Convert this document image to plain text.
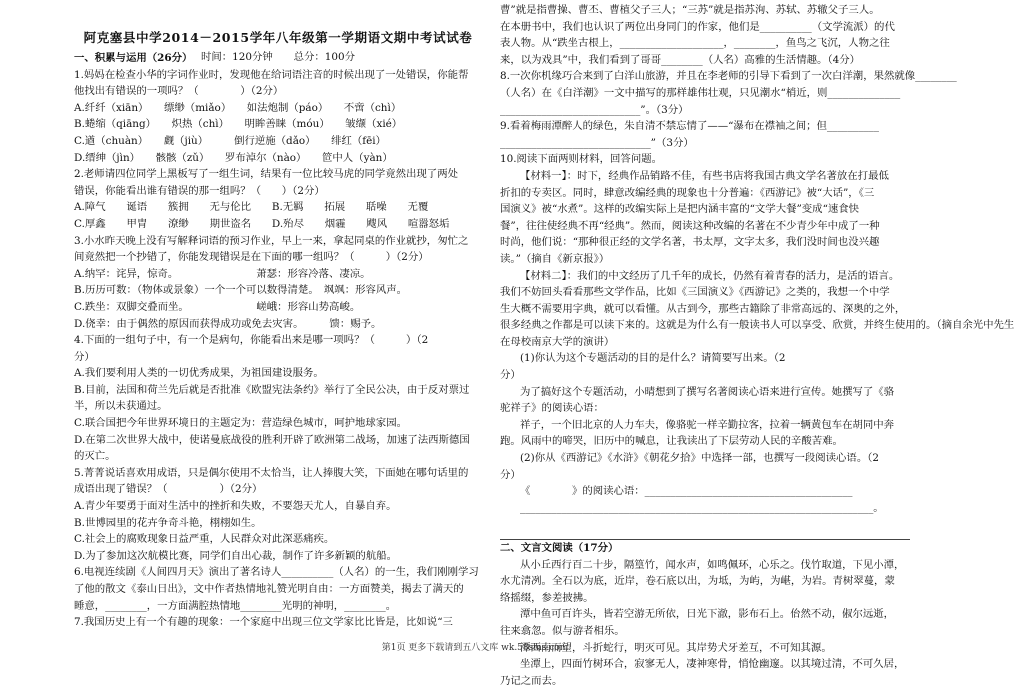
阿克塞县中学2014－2015学年八年级第一学期语文期中考试试卷
时间：120分钟　　总分：100分
一、积累与运用（26分）
1.妈妈在检查小华的字词作业时，发现他在给词语注音的时候出现了一处错误，你能帮
他找出有错误的一项吗？（　　　　）（2分）
A.纤纤（xiān）　　缥缈（miǎo）　　如法炮制（páo）　　不啻（chì）
B.蜷缩（qiāng）　　炽热（chì）　　明眸善睐（móu）　　皱缬（xié）
C.遒（chuàn）　　觑（jiù）　　　倒行逆施（dǎo）　　绯红（fēi）
D.缙绅（jìn）　　骸骸（zǔ）　　罗布淖尔（nào）　　笸中人（yàn）
2.老师请四位同学上黑板写了一组生词，结果有一位比较马虎的同学竟然出现了两处
错误，你能看出谁有错误的那一组吗？（　　）（2分）
A.障气　　诞语　　簇拥　　无与伦比　　B.无羁　　拓展　　聒噪　　无覆
C.厚鑫　　甲胄　　潦缈　　期世盗名　　D.殆尽　　烟霾　　飕风　　喧嚣怒垢
3.小水昨天晚上没有写解释词语的预习作业，早上一来，拿起同桌的作业就抄，匆忙之
间竟然把一个抄错了，你能发现错误是在下面的哪一组吗？（　　　）（2分）
A.纳罕：诧异，惊奇。　　　　　　　　萧瑟：形容冷落、凄凉。
B.历历可数：（物体或景象）一个一个可以数得清楚。　飒飒：形容风声。
C.跌坐：双脚交叠而坐。　　　　　　　嵯峨：形容山势高峻。
D.侥幸：由于偶然的原因而获得成功或免去灾害。　　　馈：赐予。
4.下面的一组句子中，有一个是病句，你能看出来是哪一项吗？（　　　）（2
分）
A.我们要利用人类的一切优秀成果，为祖国建设服务。
B.目前，法国和荷兰先后就是否批准《欧盟宪法条约》举行了全民公决，由于反对票过
半，所以未获通过。
C.联合国把今年世界环境日的主题定为：营造绿色城市，呵护地球家园。
D.在第二次世界大战中，使诺曼底战役的胜利开辟了欧洲第二战场，加速了法西斯德国
的灭亡。
5.菁菁说话喜欢用成语，只是偶尔使用不太恰当，让人捧腹大笑，下面她在哪句话里的
成语出现了错误？（　　　　　）（2分）
A.青少年要勇于面对生活中的挫折和失败，不要怨天尤人，自暴自弃。
B.世博园里的花卉争奇斗艳，栩栩如生。
C.社会上的腐败现象日益严重，人民群众对此深恶痛疾。
D.为了参加这次航模比赛，同学们自出心裁，制作了许多新颖的航船。
6.电视连续剧《人间四月天》演出了著名诗人__________（人名）的一生，我们刚刚学习
了他的散文《泰山日出》，文中作者热情地礼赞光明自由：一方面赞美，揭去了满天的
睡意，________，一方面满腔热情地________光明的神明，________。
7.我国历史上有一个有趣的现象：一个家庭中出现三位文学家比比皆是，比如说“三
曹”就是指曹操、曹丕、曹植父子三人；“三苏”就是指苏洵、苏轼、苏辙父子三人。
在本册书中，我们也认识了两位出身同门的作家，他们是__________（文学流派）的代
表人物。从“跌坐古根上，____________________，________，鱼鸟之飞沉，人物之往
来，以为戏具”中，我们看到了哥哥________（人名）高雅的生活情趣。（4分）
8.一次你机缘巧合来到了白洋山旅游，并且在李老师的引导下看到了一次白洋潮，果然就像________
（人名）在《白洋潮》一文中描写的那样雄伟壮观，只见潮水“梢近，则______________
___________________________”。（3分）
9.看着梅雨潭醉人的绿色，朱自清不禁忘情了——“瀑布在襟袖之间；但__________
_____________________________”（3分）
10.阅读下面两则材料，回答问题。
【材料一】：时下，经典作品销路不佳，有些书店将我国古典文学名著放在打最低
折扣的专卖区。同时，肆意改编经典的现象也十分普遍：《西游记》被“大话”，《三
国演义》被“水煮”。这样的改编实际上是把内涵丰富的“文学大餐”变成“速食快
餐”，往往使经典不再“经典”。然而，阅读这种改编的名著在不少青少年中成了一种
时尚，他们说：“那种很正经的文学名著，书太厚，文字太多，我们没时间也没兴趣
读。”（摘自《新京报》）
【材料二】：我们的中文经历了几千年的成长，仍然有着青春的活力，是活的语言。
我们不妨回头看看那些文学作品，比如《三国演义》《西游记》之类的，我想一个中学
生大概不需要用字典，就可以看懂。从古到今，那些古籍除了非常高远的、深奥的之外，
很多经典之作都是可以读下来的。这就是为什么有一般读书人可以享受、欣赏，并终生使用的。（摘自余光中先生
在母校南京大学的演讲）
(1)你认为这个专题活动的目的是什么？请简要写出来。（2
分）
为了搞好这个专题活动，小晴想到了撰写名著阅读心语来进行宣传。她撰写了《骆
驼祥子》的阅读心语：
祥子，一个旧北京的人力车夫，像骆驼一样辛勤拉客，拉着一辆黄包车在胡同中奔
跑。风雨中的啼哭，旧历中的喊息，让我读出了下层劳动人民的辛酸苦难。
(2)你从《西游记》《水浒》《朝花夕拾》中选择一部，也撰写一段阅读心语。（2
分）
《　　　　》的阅读心语：________________________________________
____________________________________________________________________。
二、文言文阅读（17分）
从小丘西行百二十步，隔篁竹，闻水声，如鸣佩环，心乐之。伐竹取道，下见小潭，
水尤清冽。全石以为底，近岸，卷石底以出，为坻，为屿，为嵁，为岩。青树翠蔓，蒙
络摇缀，参差披拂。
潭中鱼可百许头，皆若空游无所依，日光下澈，影布石上。佁然不动，俶尔远逝，
往来翕忽。似与游者相乐。
潭西南而望，斗折蛇行，明灭可见。其岸势犬牙差互，不可知其源。
坐潭上，四面竹树环合，寂寥无人，凄神寒骨，悄怆幽邃。以其境过清，不可久居，
乃记之而去。
第1页 更多下载请到五八文库 wk.58sms.com
